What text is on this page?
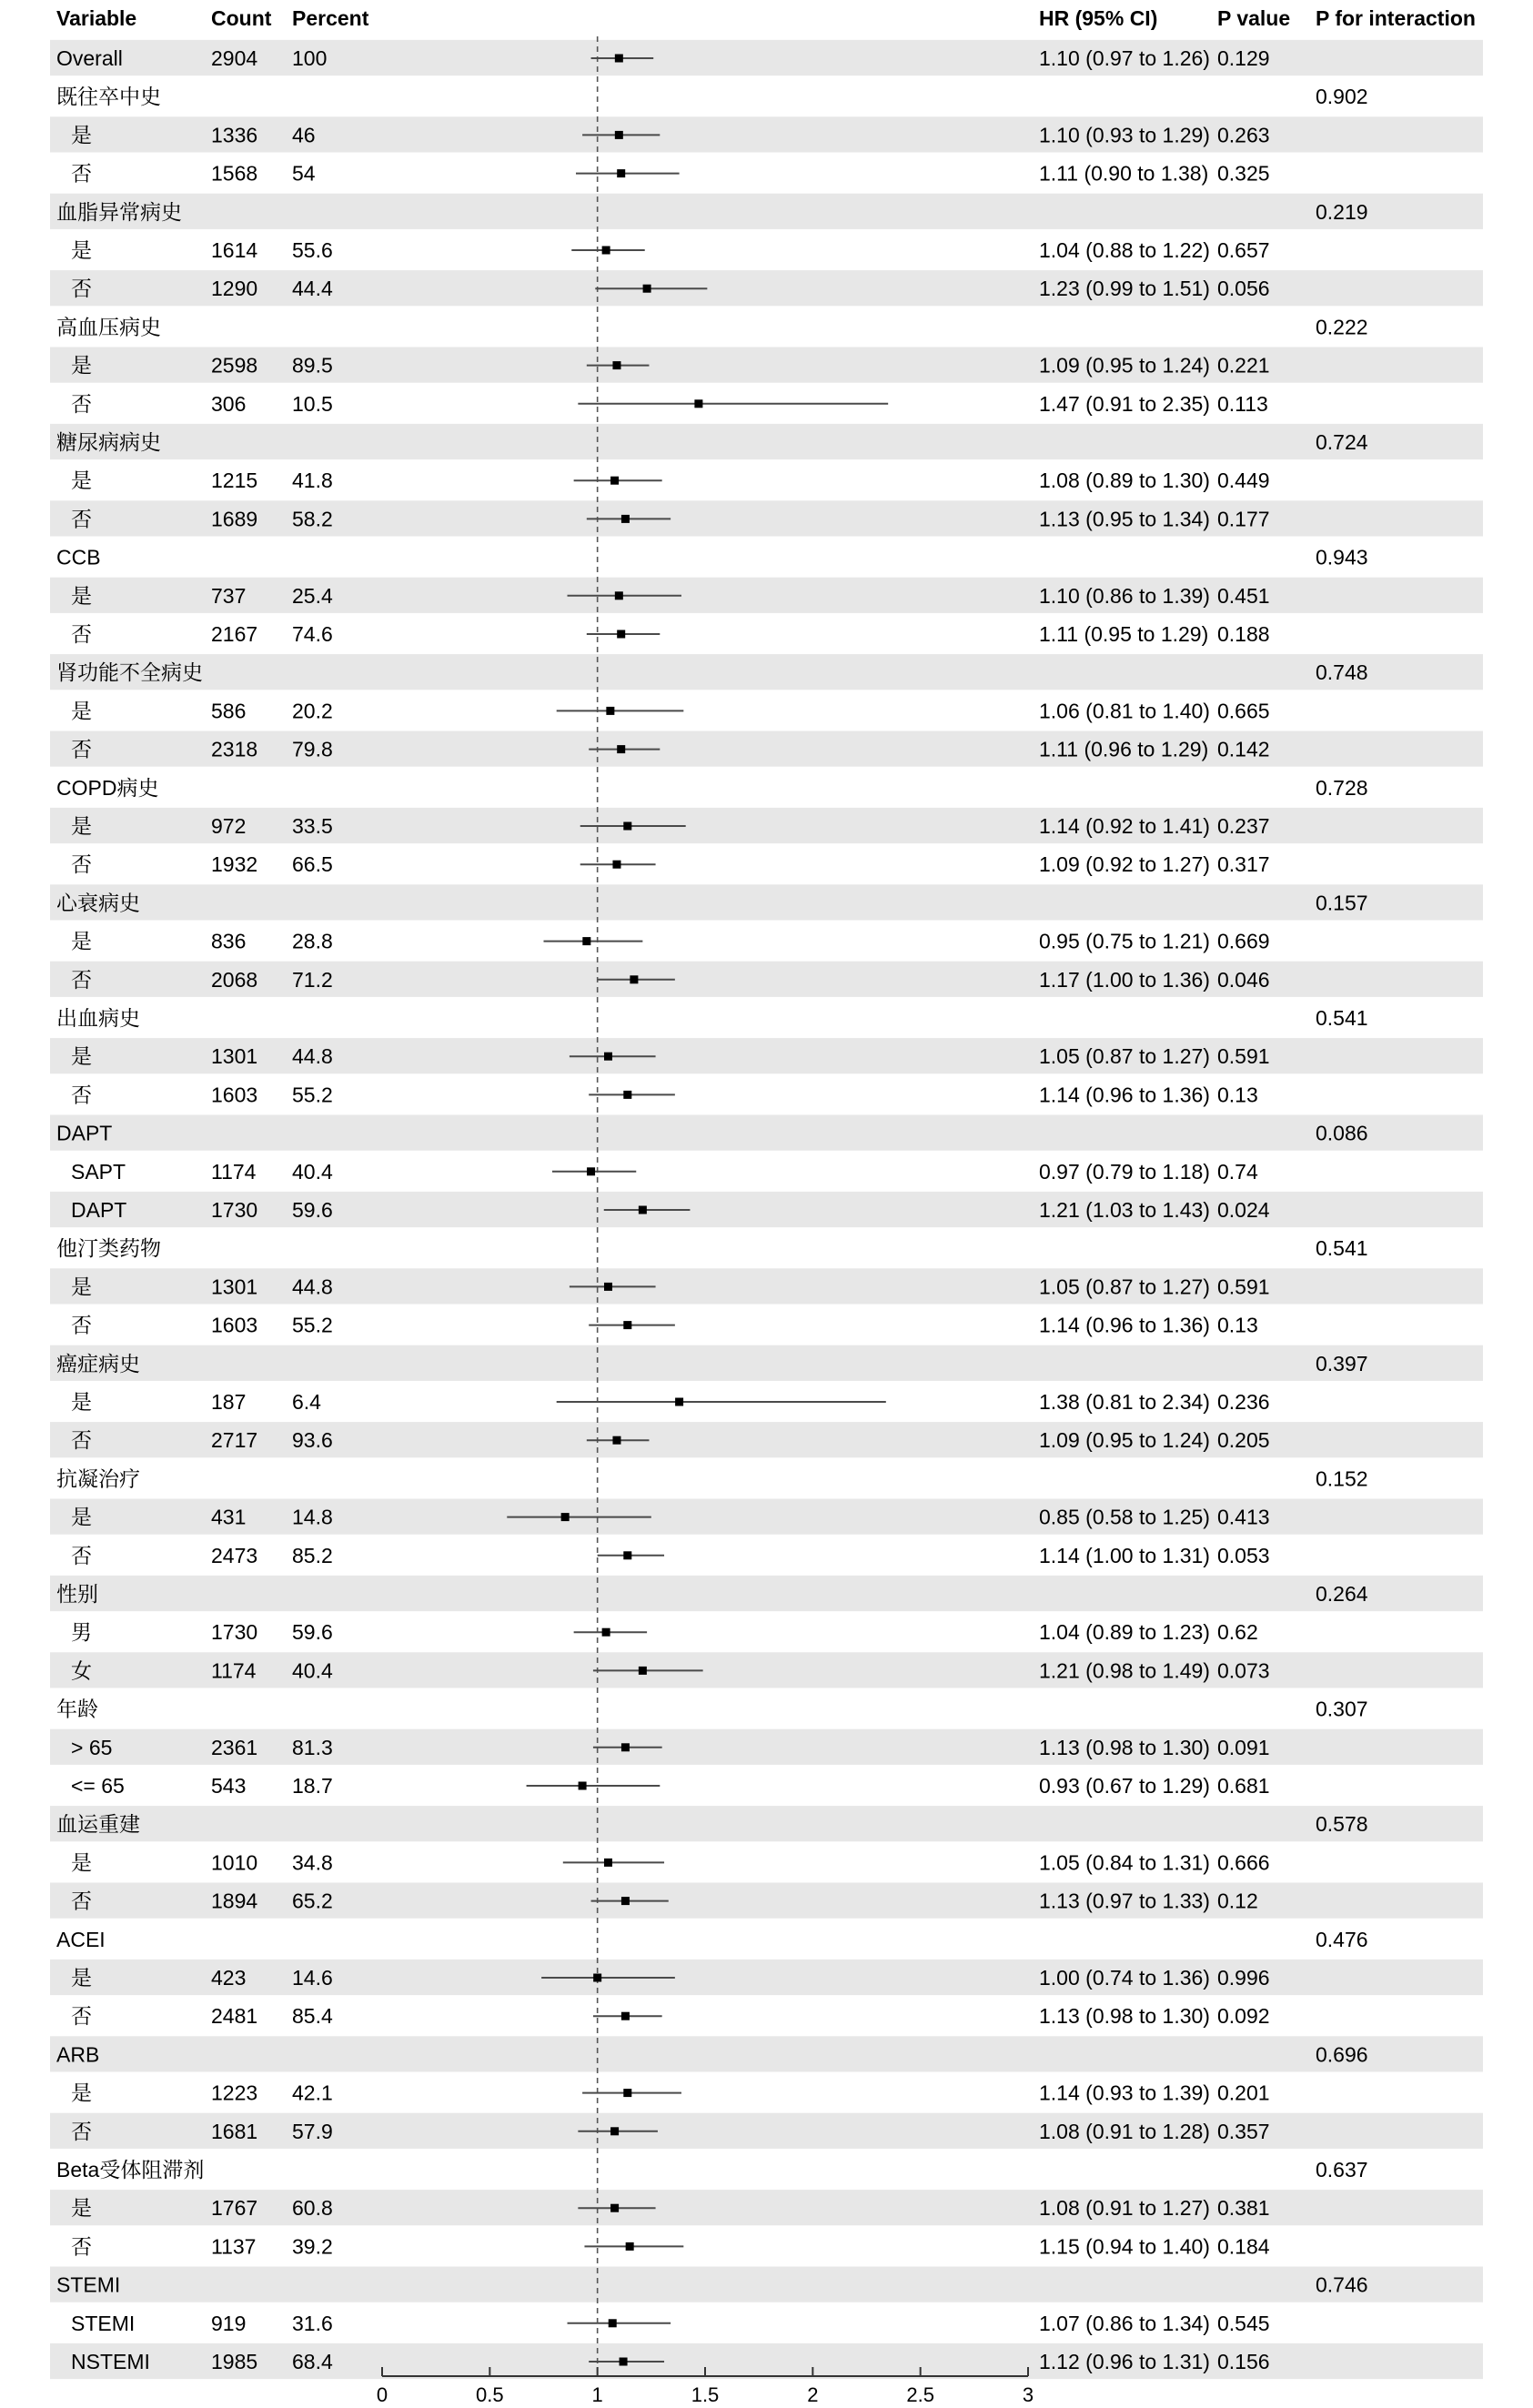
Variable	Count Percent	HR (95% CI)	P value P for interaction
Overall	2904 100	1.10 (0.97 to 1.26) 0.129
既往卒中史	0.902
是	1336 46	1.10 (0.93 to 1.29) 0.263
否	1568 54	1.11 (0.90 to 1.38) 0.325
血脂异常病史	0.219
是	1614 55.6	1.04 (0.88 to 1.22) 0.657
否	1290 44.4	1.23 (0.99 to 1.51) 0.056
高血压病史	0.222
是	2598 89.5	1.09 (0.95 to 1.24) 0.221
否	306 10.5	1.47 (0.91 to 2.35) 0.113
糖尿病病史	0.724
是	1215 41.8	1.08 (0.89 to 1.30) 0.449
否	1689 58.2	1.13 (0.95 to 1.34) 0.177
CCB	0.943
是	737 25.4	1.10 (0.86 to 1.39) 0.451
否	2167 74.6	1.11 (0.95 to 1.29) 0.188
肾功能不全病史	0.748
是	586 20.2	1.06 (0.81 to 1.40) 0.665
否	2318 79.8	1.11 (0.96 to 1.29) 0.142
COPD病史	0.728
是	972 33.5	1.14 (0.92 to 1.41) 0.237
否	1932 66.5	1.09 (0.92 to 1.27) 0.317
心衰病史	0.157
是	836 28.8	0.95 (0.75 to 1.21) 0.669
否	2068 71.2	1.17 (1.00 to 1.36) 0.046
出血病史	0.541
是	1301 44.8	1.05 (0.87 to 1.27) 0.591
否	1603 55.2	1.14 (0.96 to 1.36) 0.13
DAPT	0.086
SAPT	1174 40.4	0.97 (0.79 to 1.18) 0.74
DAPT	1730 59.6	1.21 (1.03 to 1.43) 0.024
他汀类药物	0.541
是	1301 44.8	1.05 (0.87 to 1.27) 0.591
否	1603 55.2	1.14 (0.96 to 1.36) 0.13
癌症病史	0.397
是	187 6.4	1.38 (0.81 to 2.34) 0.236
否	2717 93.6	1.09 (0.95 to 1.24) 0.205
抗凝治疗	0.152
是	431 14.8	0.85 (0.58 to 1.25) 0.413
否	2473 85.2	1.14 (1.00 to 1.31) 0.053
性别	0.264
男	1730 59.6	1.04 (0.89 to 1.23) 0.62
女	1174 40.4	1.21 (0.98 to 1.49) 0.073
年龄	0.307
> 65	2361 81.3	1.13 (0.98 to 1.30) 0.091
<= 65	543 18.7	0.93 (0.67 to 1.29) 0.681
血运重建	0.578
是	1010 34.8	1.05 (0.84 to 1.31) 0.666
否	1894 65.2	1.13 (0.97 to 1.33) 0.12
ACEI	0.476
是	423 14.6	1.00 (0.74 to 1.36) 0.996
否	2481 85.4	1.13 (0.98 to 1.30) 0.092
ARB	0.696
是	1223 42.1	1.14 (0.93 to 1.39) 0.201
否	1681 57.9	1.08 (0.91 to 1.28) 0.357
Beta受体阻滞剂	0.637
是	1767 60.8	1.08 (0.91 to 1.27) 0.381
否	1137 39.2	1.15 (0.94 to 1.40) 0.184
STEMI	0.746
STEMI	919 31.6	1.07 (0.86 to 1.34) 0.545
NSTEMI	1985 68.4	1.12 (0.96 to 1.31) 0.156
0	0.5	1	1.5	2	2.5	3
